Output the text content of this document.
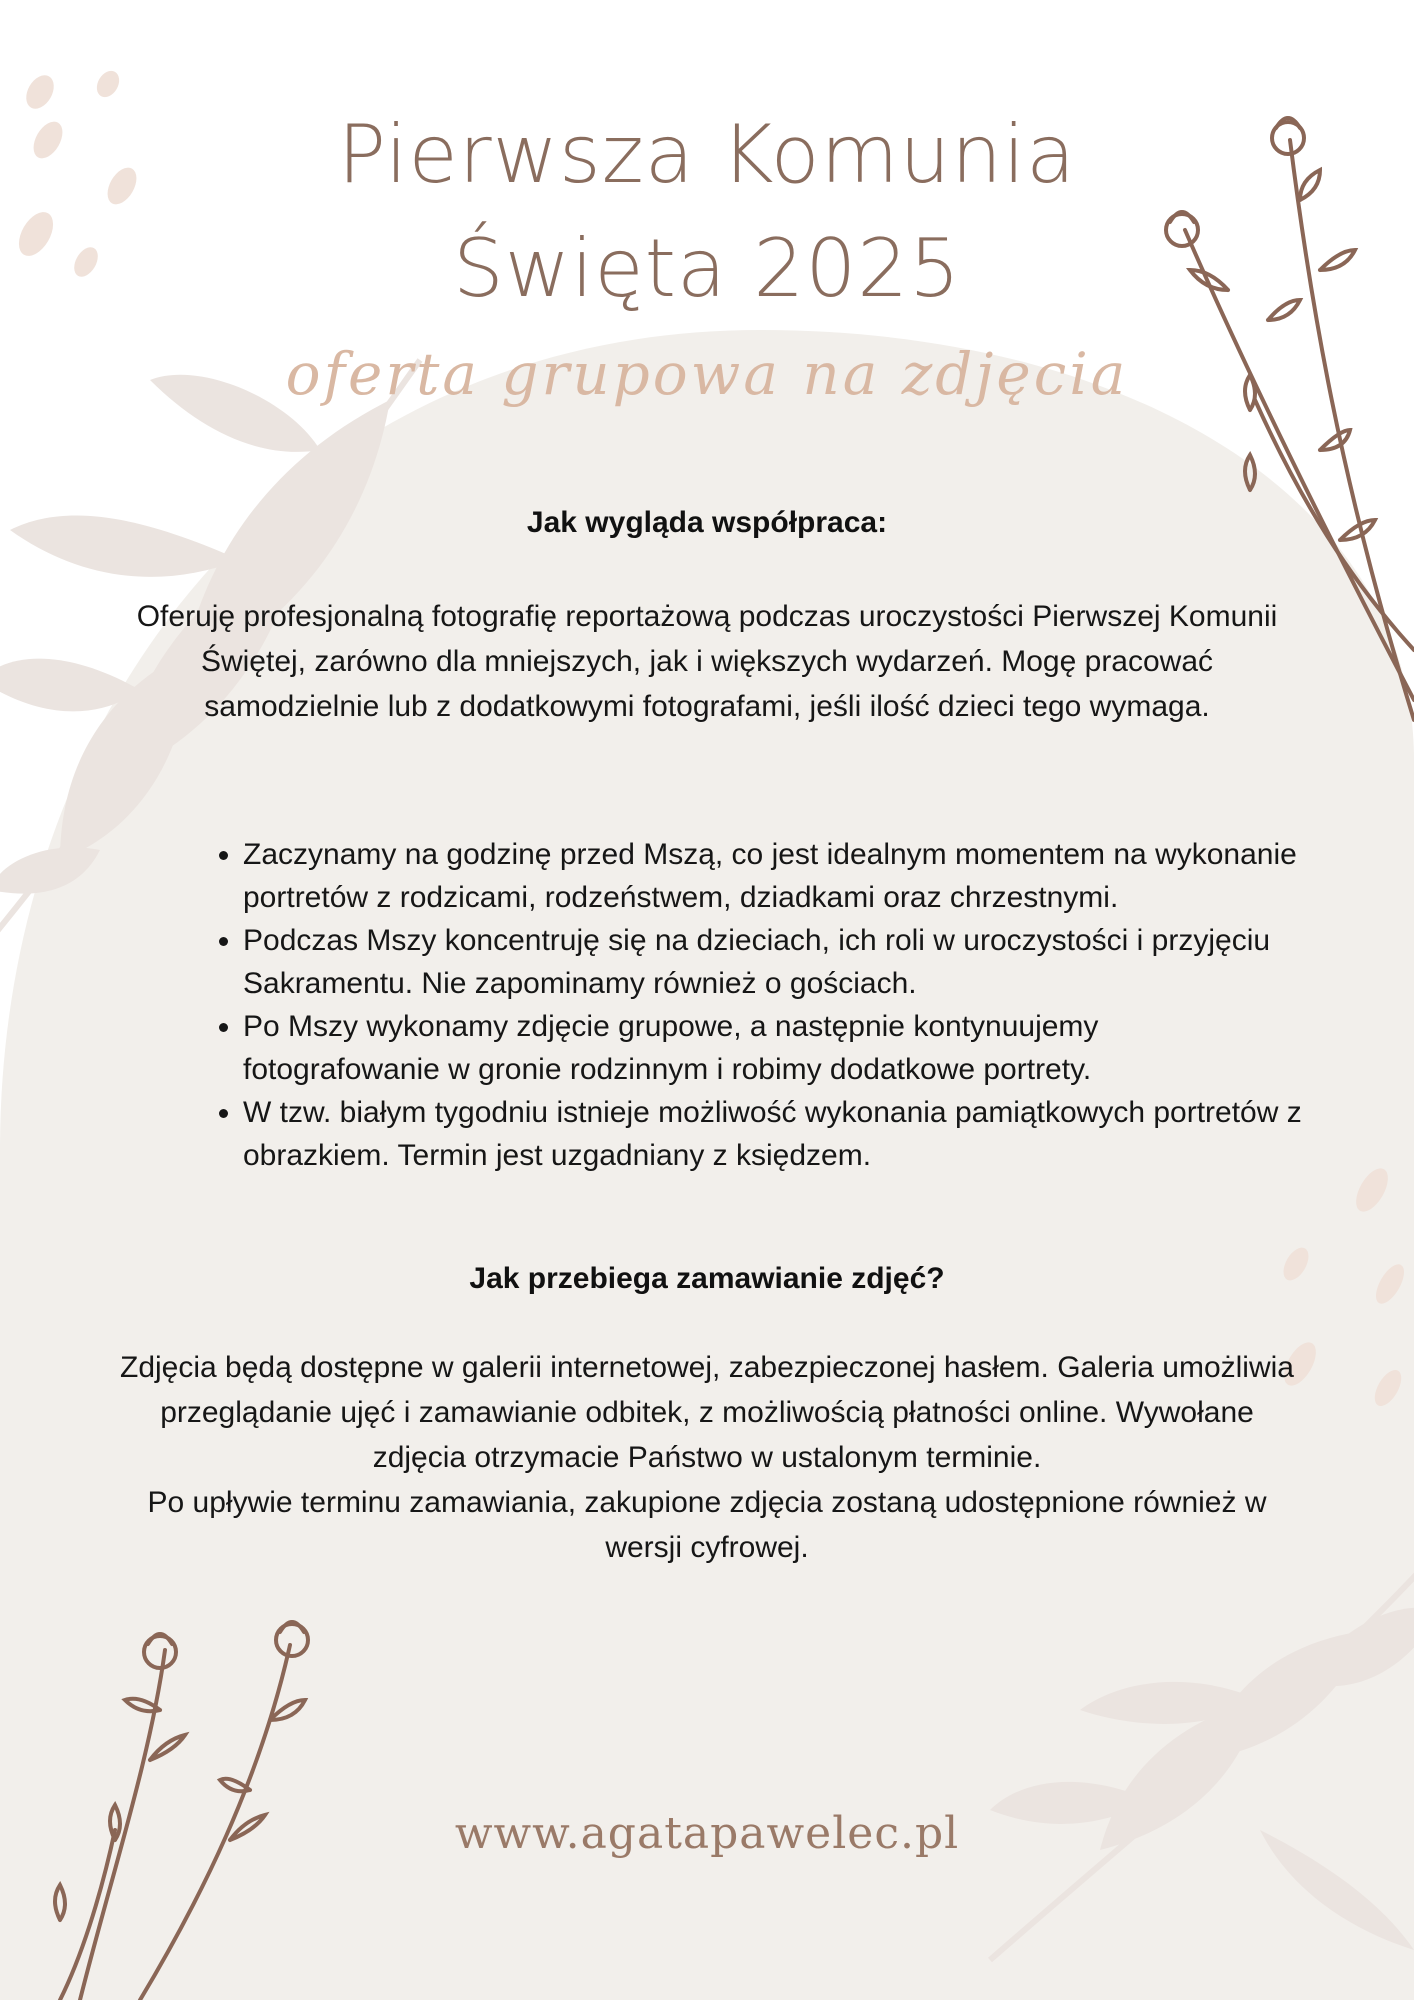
Pierwsza Komunia
Święta 2025

oferta grupowa na zdjęcia

Jak wygląda współpraca:

Oferuję profesjonalną fotografię reportażową podczas uroczystości Pierwszej Komunii Świętej, zarówno dla mniejszych, jak i większych wydarzeń. Mogę pracować samodzielnie lub z dodatkowymi fotografami, jeśli ilość dzieci tego wymaga.

• Zaczynamy na godzinę przed Mszą, co jest idealnym momentem na wykonanie portretów z rodzicami, rodzeństwem, dziadkami oraz chrzestnymi.
• Podczas Mszy koncentruję się na dzieciach, ich roli w uroczystości i przyjęciu Sakramentu. Nie zapominamy również o gościach.
• Po Mszy wykonamy zdjęcie grupowe, a następnie kontynuujemy fotografowanie w gronie rodzinnym i robimy dodatkowe portrety.
• W tzw. białym tygodniu istnieje możliwość wykonania pamiątkowych portretów z obrazkiem. Termin jest uzgadniany z księdzem.
Jak przebiega zamawianie zdjęć?
Zdjęcia będą dostępne w galerii internetowej, zabezpieczonej hasłem. Galeria umożliwia przeglądanie ujęć i zamawianie odbitek, z możliwością płatności online. Wywołane zdjęcia otrzymacie Państwo w ustalonym terminie.
Po upływie terminu zamawiania, zakupione zdjęcia zostaną udostępnione również w wersji cyfrowej.

www.agatapawelec.pl
